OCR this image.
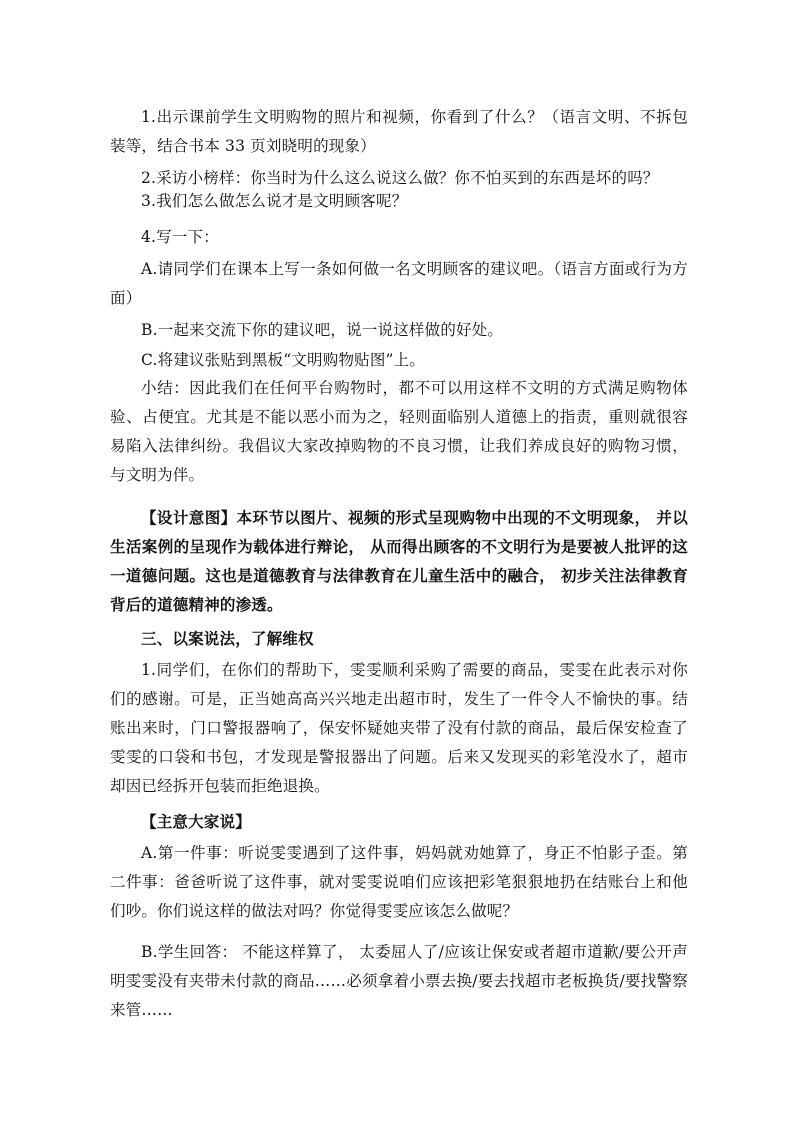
1.出示课前学生文明购物的照片和视频，你看到了什么？（语言文明、不拆包装等，结合书本 33 页刘晓明的现象）

2.采访小榜样：你当时为什么这么说这么做？你不怕买到的东西是坏的吗？

3.我们怎么做怎么说才是文明顾客呢？

4.写一下：

A.请同学们在课本上写一条如何做一名文明顾客的建议吧。（语言方面或行为方面）

B.一起来交流下你的建议吧，说一说这样做的好处。

C.将建议张贴到黑板“文明购物贴图”上。

小结：因此我们在任何平台购物时，都不可以用这样不文明的方式满足购物体验、占便宜。尤其是不能以恶小而为之，轻则面临别人道德上的指责，重则就很容易陷入法律纠纷。我倡议大家改掉购物的不良习惯，让我们养成良好的购物习惯，与文明为伴。

【设计意图】本环节以图片、视频的形式呈现购物中出现的不文明现象， 并以生活案例的呈现作为载体进行辩论， 从而得出顾客的不文明行为是要被人批评的这一道德问题。这也是道德教育与法律教育在儿童生活中的融合， 初步关注法律教育背后的道德精神的渗透。

三、以案说法，了解维权

1.同学们，在你们的帮助下，雯雯顺利采购了需要的商品，雯雯在此表示对你们的感谢。可是，正当她高高兴兴地走出超市时，发生了一件令人不愉快的事。结账出来时，门口警报器响了，保安怀疑她夹带了没有付款的商品，最后保安检查了雯雯的口袋和书包，才发现是警报器出了问题。后来又发现买的彩笔没水了，超市却因已经拆开包装而拒绝退换。

【主意大家说】

A.第一件事：听说雯雯遇到了这件事，妈妈就劝她算了，身正不怕影子歪。第二件事：爸爸听说了这件事，就对雯雯说咱们应该把彩笔狠狠地扔在结账台上和他们吵。你们说这样的做法对吗？你觉得雯雯应该怎么做呢？

B.学生回答： 不能这样算了， 太委屈人了/应该让保安或者超市道歉/要公开声明雯雯没有夹带未付款的商品……必须拿着小票去换/要去找超市老板换货/要找警察来管……
